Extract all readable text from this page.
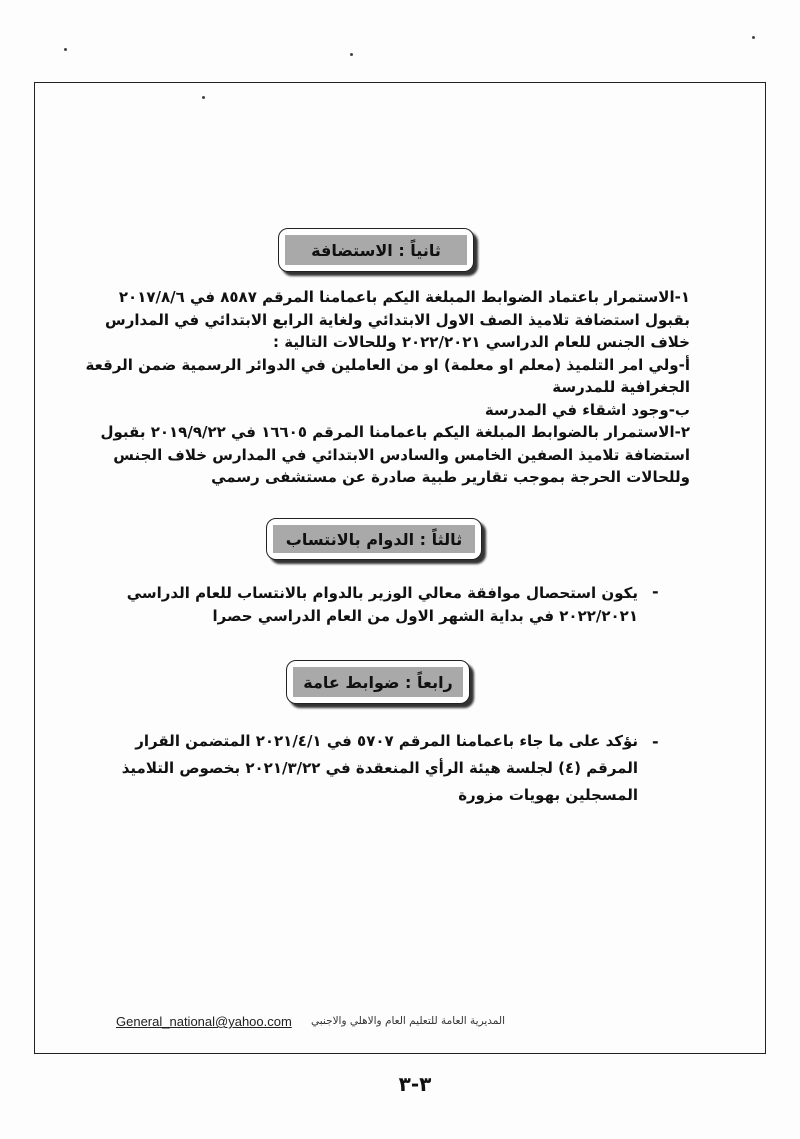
ثانياً : الاستضافة
١-الاستمرار باعتماد الضوابط المبلغة اليكم باعمامنا المرقم ٨٥٨٧ في ٢٠١٧/٨/٦
بقبول استضافة تلاميذ الصف الاول الابتدائي ولغاية الرابع الابتدائي في المدارس
خلاف الجنس للعام الدراسي ٢٠٢٢/٢٠٢١ وللحالات التالية :
أ-ولي امر التلميذ (معلم او معلمة) او من العاملين في الدوائر الرسمية ضمن الرقعة
الجغرافية للمدرسة
ب-وجود اشقاء في المدرسة
٢-الاستمرار بالضوابط المبلغة اليكم باعمامنا المرقم ١٦٦٠٥ في ٢٠١٩/٩/٢٢ بقبول
استضافة تلاميذ الصفين الخامس والسادس الابتدائي في المدارس خلاف الجنس
وللحالات الحرجة بموجب تقارير طبية صادرة عن مستشفى رسمي
ثالثاً : الدوام بالانتساب
-
يكون استحصال موافقة معالي الوزير بالدوام بالانتساب للعام الدراسي
٢٠٢٢/٢٠٢١ في بداية الشهر الاول من العام الدراسي حصرا
رابعاً : ضوابط عامة
-
نؤكد على ما جاء باعمامنا المرقم ٥٧٠٧ في ٢٠٢١/٤/١ المتضمن القرار
المرقم (٤) لجلسة هيئة الرأي المنعقدة في ٢٠٢١/٣/٢٢ بخصوص التلاميذ
المسجلين بهويات مزورة
General_national@yahoo.com	المديرية العامة للتعليم العام والاهلي والاجنبي
٣-٣
